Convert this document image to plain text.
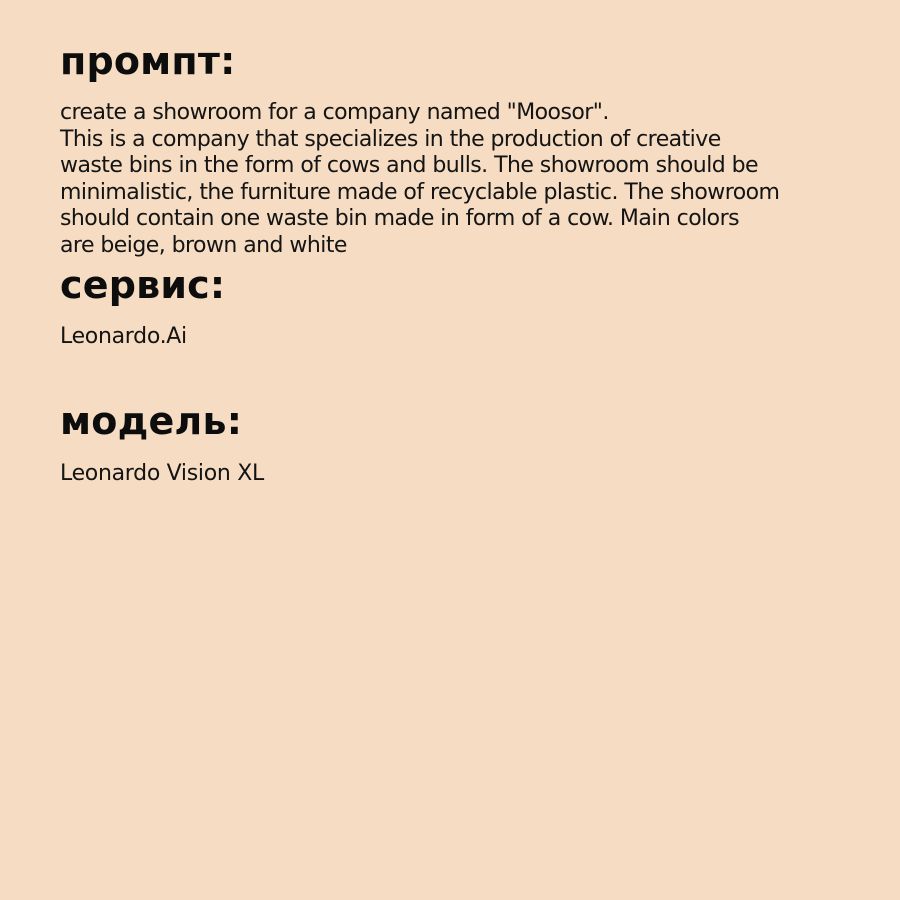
промпт:
create a showroom for a company named "Moosor".
This is a company that specializes in the production of creative
waste bins in the form of cows and bulls. The showroom should be
minimalistic, the furniture made of recyclable plastic. The showroom
should contain one waste bin made in form of a cow. Main colors
are beige, brown and white
сервис:

Leonardo.Ai

модель:

Leonardo Vision XL
